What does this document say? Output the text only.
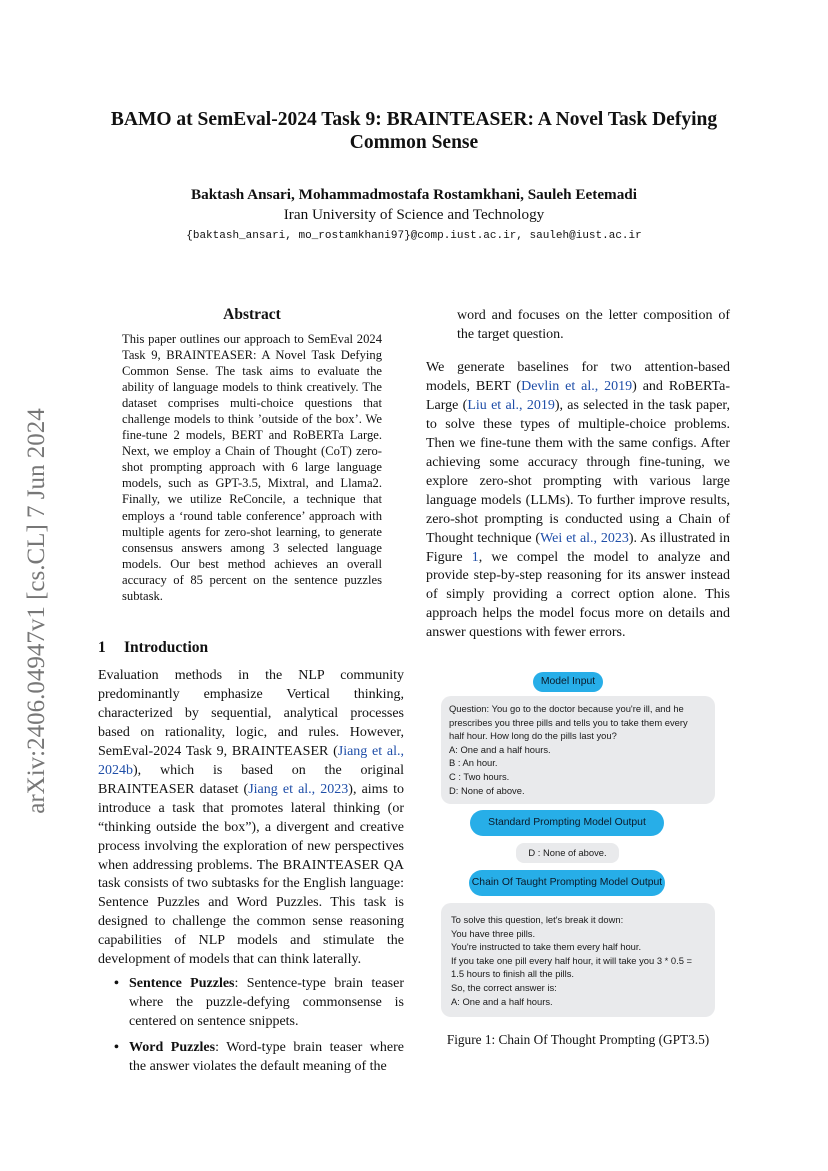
arXiv:2406.04947v1 [cs.CL] 7 Jun 2024
BAMO at SemEval-2024 Task 9: BRAINTEASER: A Novel Task Defying Common Sense
Baktash Ansari, Mohammadmostafa Rostamkhani, Sauleh Eetemadi
Iran University of Science and Technology
{baktash_ansari, mo_rostamkhani97}@comp.iust.ac.ir, sauleh@iust.ac.ir
Abstract
This paper outlines our approach to SemEval 2024 Task 9, BRAINTEASER: A Novel Task Defying Common Sense. The task aims to evaluate the ability of language models to think creatively. The dataset comprises multi-choice questions that challenge models to think ’outside of the box’. We fine-tune 2 models, BERT and RoBERTa Large. Next, we employ a Chain of Thought (CoT) zero-shot prompting approach with 6 large language models, such as GPT-3.5, Mixtral, and Llama2. Finally, we utilize ReConcile, a technique that employs a ‘round table conference’ approach with multiple agents for zero-shot learning, to generate consensus answers among 3 selected language models. Our best method achieves an overall accuracy of 85 percent on the sentence puzzles subtask.
1 Introduction
Evaluation methods in the NLP community predominantly emphasize Vertical thinking, characterized by sequential, analytical processes based on rationality, logic, and rules. However, SemEval-2024 Task 9, BRAINTEASER (Jiang et al., 2024b), which is based on the original BRAINTEASER dataset (Jiang et al., 2023), aims to introduce a task that promotes lateral thinking (or “thinking outside the box”), a divergent and creative process involving the exploration of new perspectives when addressing problems. The BRAINTEASER QA task consists of two subtasks for the English language: Sentence Puzzles and Word Puzzles. This task is designed to challenge the common sense reasoning capabilities of NLP models and stimulate the development of models that can think laterally.
• Sentence Puzzles: Sentence-type brain teaser where the puzzle-defying commonsense is centered on sentence snippets.
• Word Puzzles: Word-type brain teaser where the answer violates the default meaning of the
word and focuses on the letter composition of the target question.
We generate baselines for two attention-based models, BERT (Devlin et al., 2019) and RoBERTa-Large (Liu et al., 2019), as selected in the task paper, to solve these types of multiple-choice problems. Then we fine-tune them with the same configs. After achieving some accuracy through fine-tuning, we explore zero-shot prompting with various large language models (LLMs). To further improve results, zero-shot prompting is conducted using a Chain of Thought technique (Wei et al., 2023). As illustrated in Figure 1, we compel the model to analyze and provide step-by-step reasoning for its answer instead of simply providing a correct option alone. This approach helps the model focus more on details and answer questions with fewer errors.
Model Input
Question: You go to the doctor because you're ill, and he
prescribes you three pills and tells you to take them every
half hour. How long do the pills last you?
A: One and a half hours.
B : An hour.
C : Two hours.
D: None of above.
Standard Prompting Model Output
D : None of above.
Chain Of Taught Prompting Model Output
To solve this question, let's break it down:
You have three pills.
You're instructed to take them every half hour.
If you take one pill every half hour, it will take you 3 * 0.5 =
1.5 hours to finish all the pills.
So, the correct answer is:
A: One and a half hours.
Figure 1: Chain Of Thought Prompting (GPT3.5)
